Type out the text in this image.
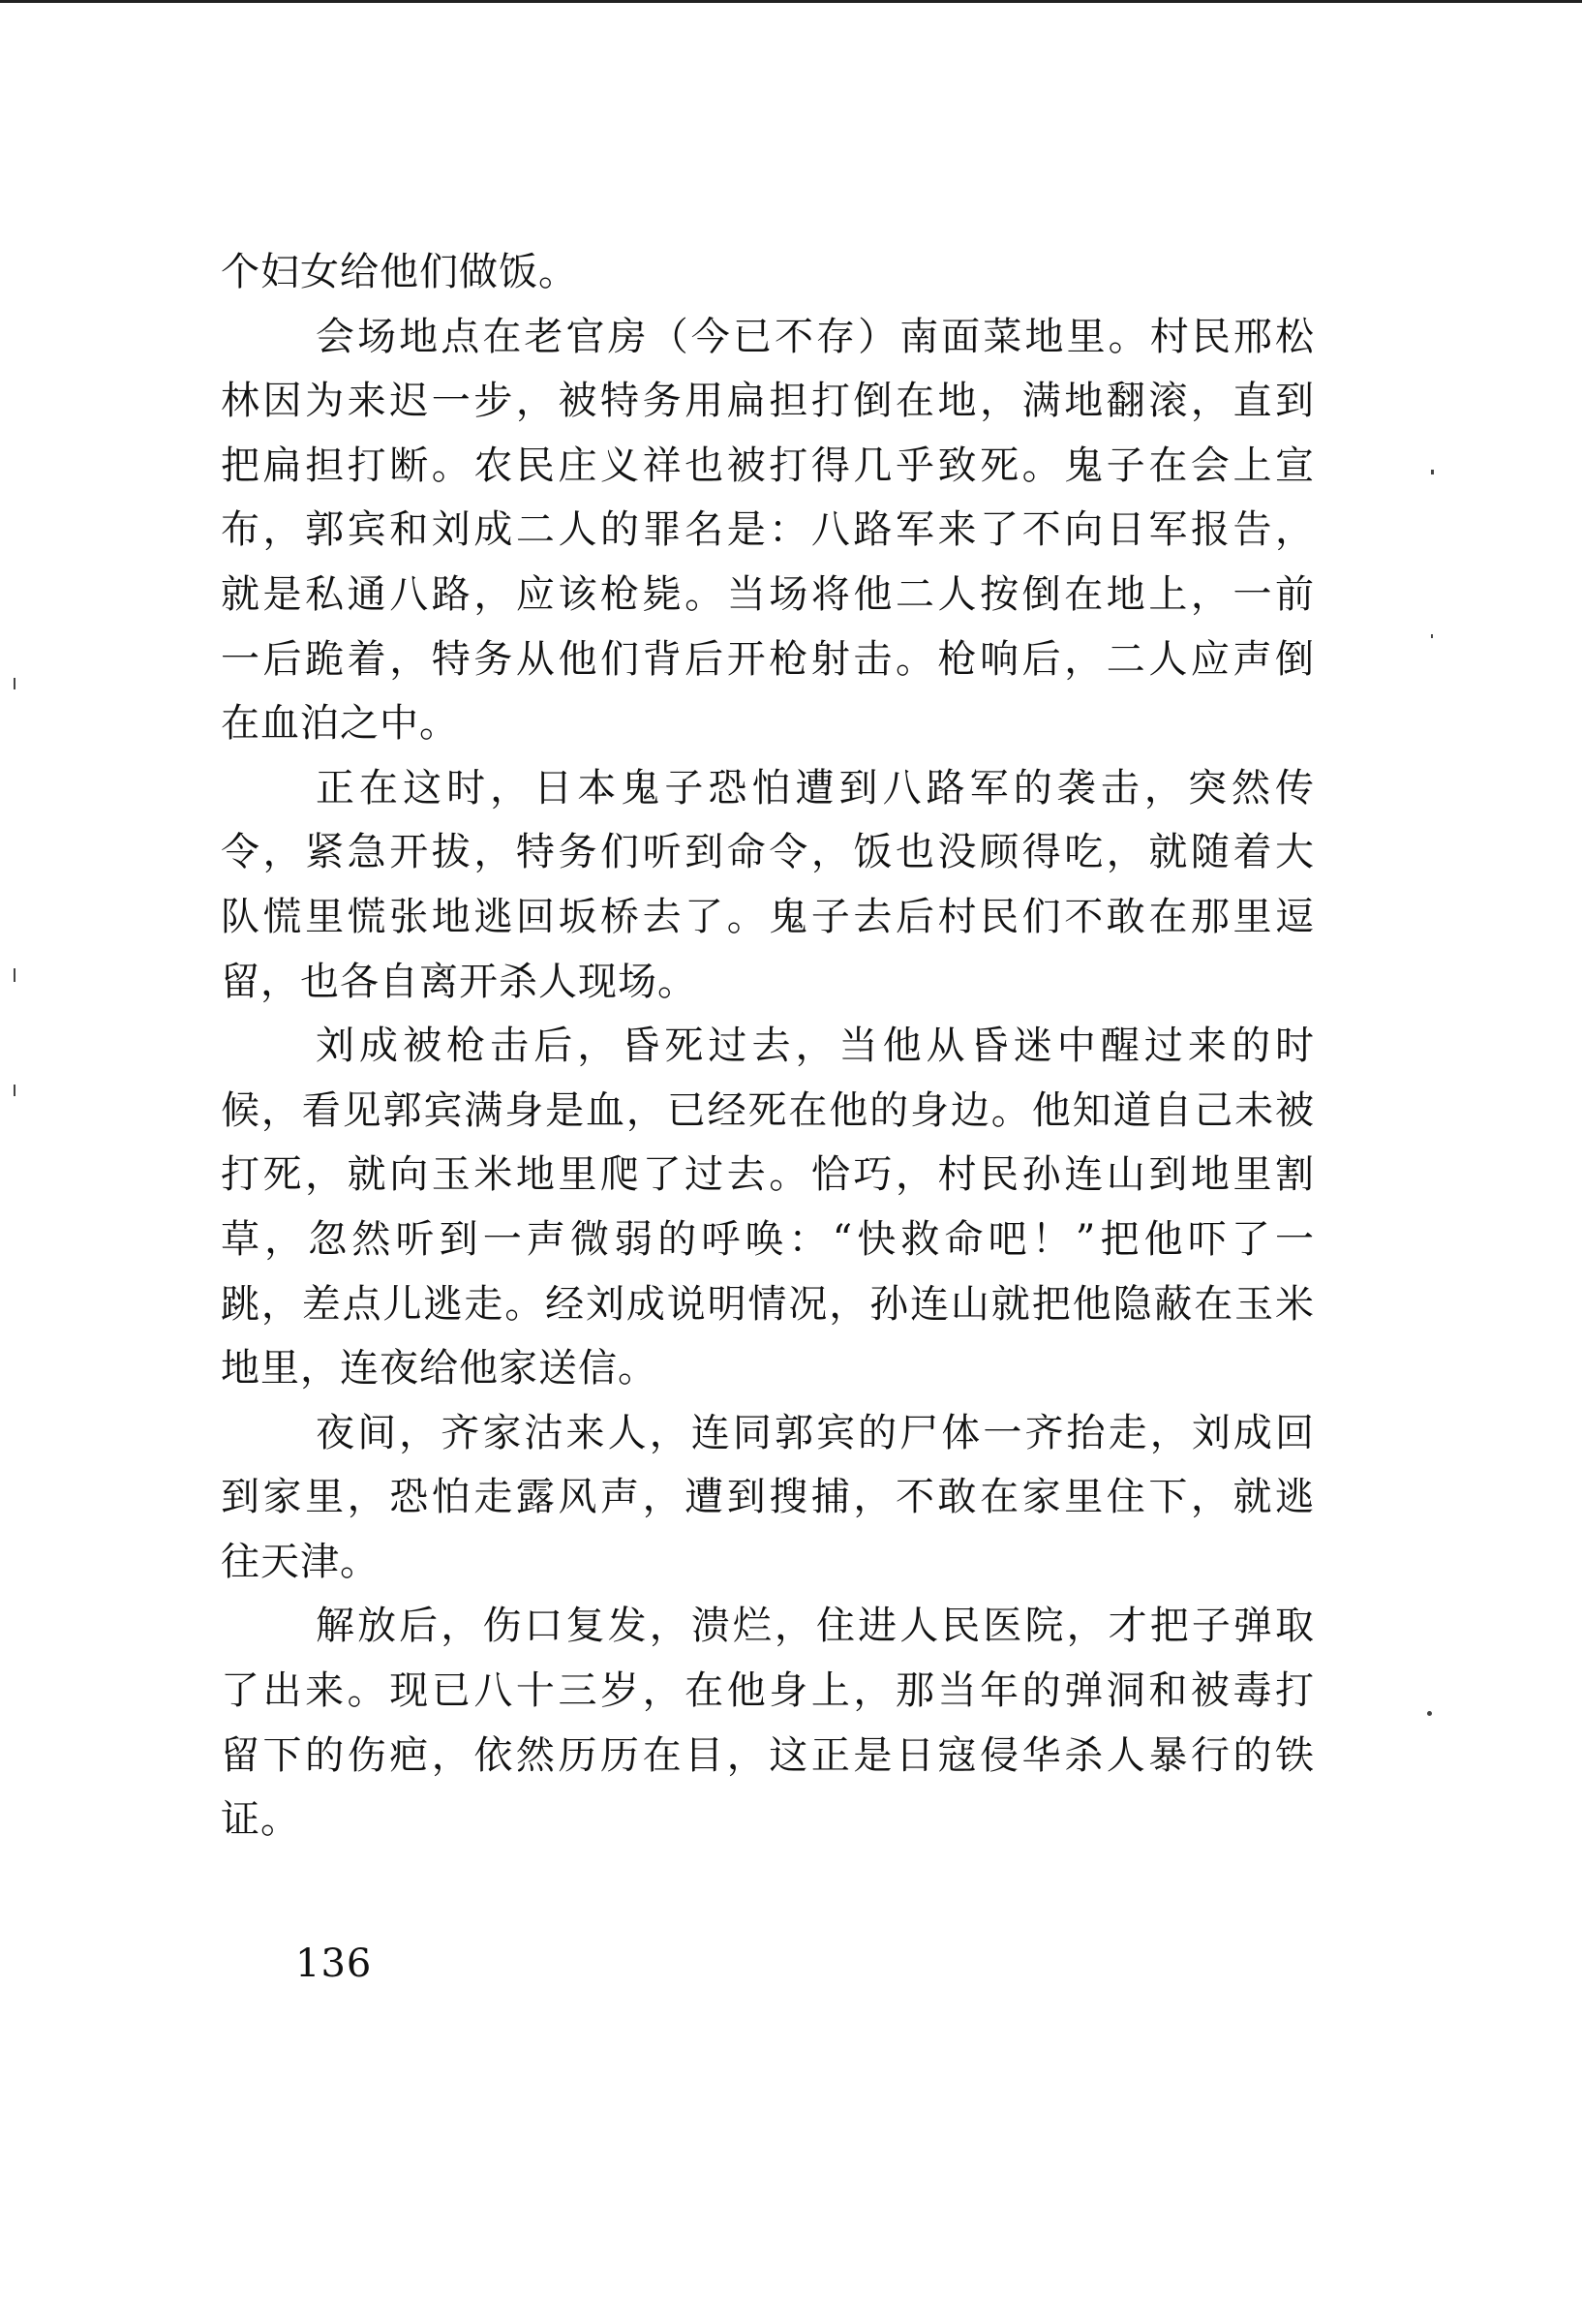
个妇女给他们做饭。
会场地点在老官房（今已不存）南面菜地里。村民邢松
林因为来迟一步，被特务用扁担打倒在地，满地翻滚，直到
把扁担打断。农民庄义祥也被打得几乎致死。鬼子在会上宣
布，郭宾和刘成二人的罪名是：八路军来了不向日军报告，
就是私通八路，应该枪毙。当场将他二人按倒在地上，一前
一后跪着，特务从他们背后开枪射击。枪响后，二人应声倒
在血泊之中。
正在这时，日本鬼子恐怕遭到八路军的袭击，突然传
令，紧急开拔，特务们听到命令，饭也没顾得吃，就随着大
队慌里慌张地逃回坂桥去了。鬼子去后村民们不敢在那里逗
留，也各自离开杀人现场。
刘成被枪击后，昏死过去，当他从昏迷中醒过来的时
候，看见郭宾满身是血，已经死在他的身边。他知道自己未被
打死，就向玉米地里爬了过去。恰巧，村民孙连山到地里割
草，忽然听到一声微弱的呼唤：“快救命吧！”把他吓了一
跳，差点儿逃走。经刘成说明情况，孙连山就把他隐蔽在玉米
地里，连夜给他家送信。
夜间，齐家沽来人，连同郭宾的尸体一齐抬走，刘成回
到家里，恐怕走露风声，遭到搜捕，不敢在家里住下，就逃
往天津。
解放后，伤口复发，溃烂，住进人民医院，才把子弹取
了出来。现已八十三岁，在他身上，那当年的弹洞和被毒打
留下的伤疤，依然历历在目，这正是日寇侵华杀人暴行的铁
证。
136
